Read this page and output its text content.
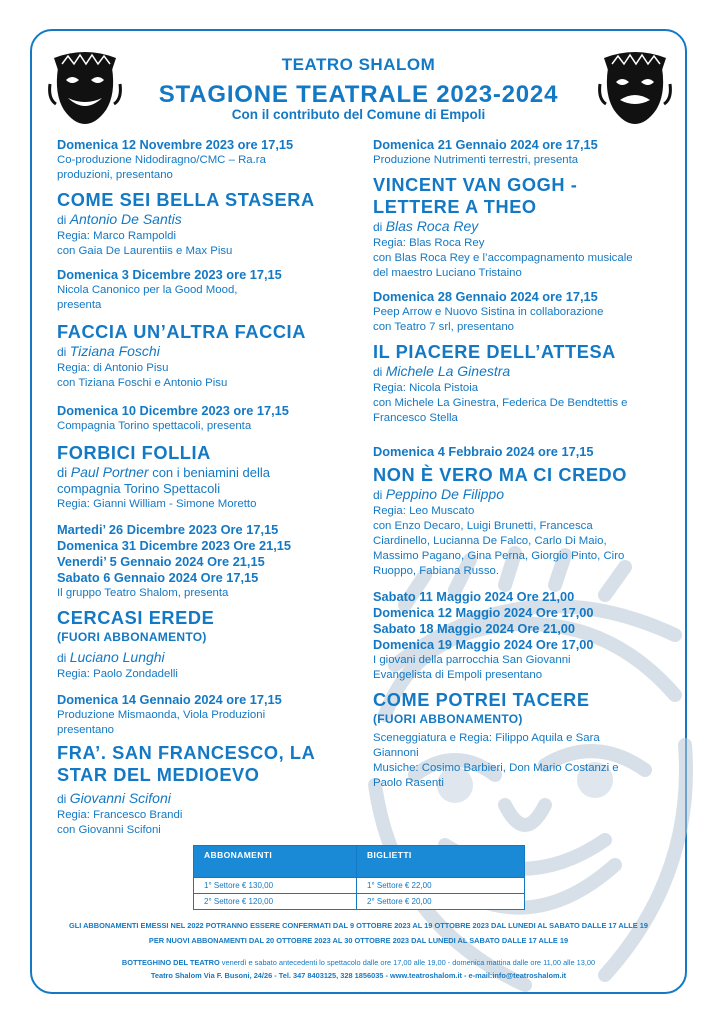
TEATRO SHALOM
STAGIONE TEATRALE 2023-2024
Con il contributo del Comune di Empoli
Domenica 12 Novembre 2023 ore 17,15
Co-produzione Nidodiragno/CMC – Ra.ra
produzioni, presentano
COME SEI BELLA STASERA
di Antonio De Santis
Regia: Marco Rampoldi
con Gaia De Laurentiis e Max Pisu
Domenica 3 Dicembre 2023 ore 17,15
Nicola Canonico per la Good Mood,
presenta
FACCIA UN’ALTRA FACCIA
di Tiziana Foschi
Regia: di Antonio Pisu
con Tiziana Foschi e Antonio Pisu
Domenica 10 Dicembre 2023 ore 17,15
Compagnia Torino spettacoli, presenta
FORBICI FOLLIA
di Paul Portner con i beniamini della
compagnia Torino Spettacoli
Regia: Gianni William - Simone Moretto
Martedi’ 26 Dicembre 2023 Ore 17,15
Domenica 31 Dicembre 2023 Ore 21,15
Venerdi’ 5 Gennaio 2024 Ore 21,15
Sabato 6 Gennaio 2024 Ore 17,15
Il gruppo Teatro Shalom, presenta
CERCASI EREDE
(FUORI ABBONAMENTO)
di Luciano Lunghi
Regia: Paolo Zondadelli
Domenica 14 Gennaio 2024 ore 17,15
Produzione Mismaonda, Viola Produzioni
presentano
FRA’. SAN FRANCESCO, LA
STAR DEL MEDIOEVO
di Giovanni Scifoni
Regia: Francesco Brandi
con Giovanni Scifoni
Domenica 21 Gennaio 2024 ore 17,15
Produzione Nutrimenti terrestri, presenta
VINCENT VAN GOGH -
LETTERE A THEO
di Blas Roca Rey
Regia: Blas Roca Rey
con Blas Roca Rey e l’accompagnamento musicale
del maestro Luciano Tristaino
Domenica 28 Gennaio 2024 ore 17,15
Peep Arrow e Nuovo Sistina in collaborazione
con Teatro 7 srl, presentano
IL PIACERE DELL’ATTESA
di Michele La Ginestra
Regia: Nicola Pistoia
con Michele La Ginestra, Federica De Bendtettis e
Francesco Stella
Domenica 4 Febbraio 2024 ore 17,15
NON È VERO MA CI CREDO
di Peppino De Filippo
Regia: Leo Muscato
con Enzo Decaro, Luigi Brunetti, Francesca
Ciardinello, Lucianna De Falco, Carlo Di Maio,
Massimo Pagano, Gina Perna, Giorgio Pinto, Ciro
Ruoppo, Fabiana Russo.
Sabato 11 Maggio 2024 Ore 21,00
Domenica 12 Maggio 2024 Ore 17,00
Sabato 18 Maggio 2024 Ore 21,00
Domenica 19 Maggio 2024 Ore 17,00
I giovani della parrocchia San Giovanni
Evangelista di Empoli presentano
COME POTREI TACERE
(FUORI ABBONAMENTO)
Sceneggiatura e Regia: Filippo Aquila e Sara
Giannoni
Musiche: Cosimo Barbieri, Don Mario Costanzi e
Paolo Rasenti
ABBONAMENTI	BIGLIETTI
1° Settore € 130,00	1° Settore € 22,00
2° Settore € 120,00	2° Settore € 20,00
GLI ABBONAMENTI EMESSI NEL 2022 POTRANNO ESSERE CONFERMATI DAL 9 OTTOBRE 2023 AL 19 OTTOBRE 2023 DAL LUNEDI AL SABATO DALLE 17 ALLE 19
PER NUOVI ABBONAMENTI DAL 20 OTTOBRE 2023 AL 30 OTTOBRE 2023 DAL LUNEDI AL SABATO DALLE 17 ALLE 19
BOTTEGHINO DEL TEATRO venerdì e sabato antecedenti lo spettacolo dalle ore 17,00 alle 19,00 - domenica mattina dalle ore 11,00 alle 13,00
Teatro Shalom Via F. Busoni, 24/26 - Tel. 347 8403125, 328 1856035 - www.teatroshalom.it - e-mail:info@teatroshalom.it
